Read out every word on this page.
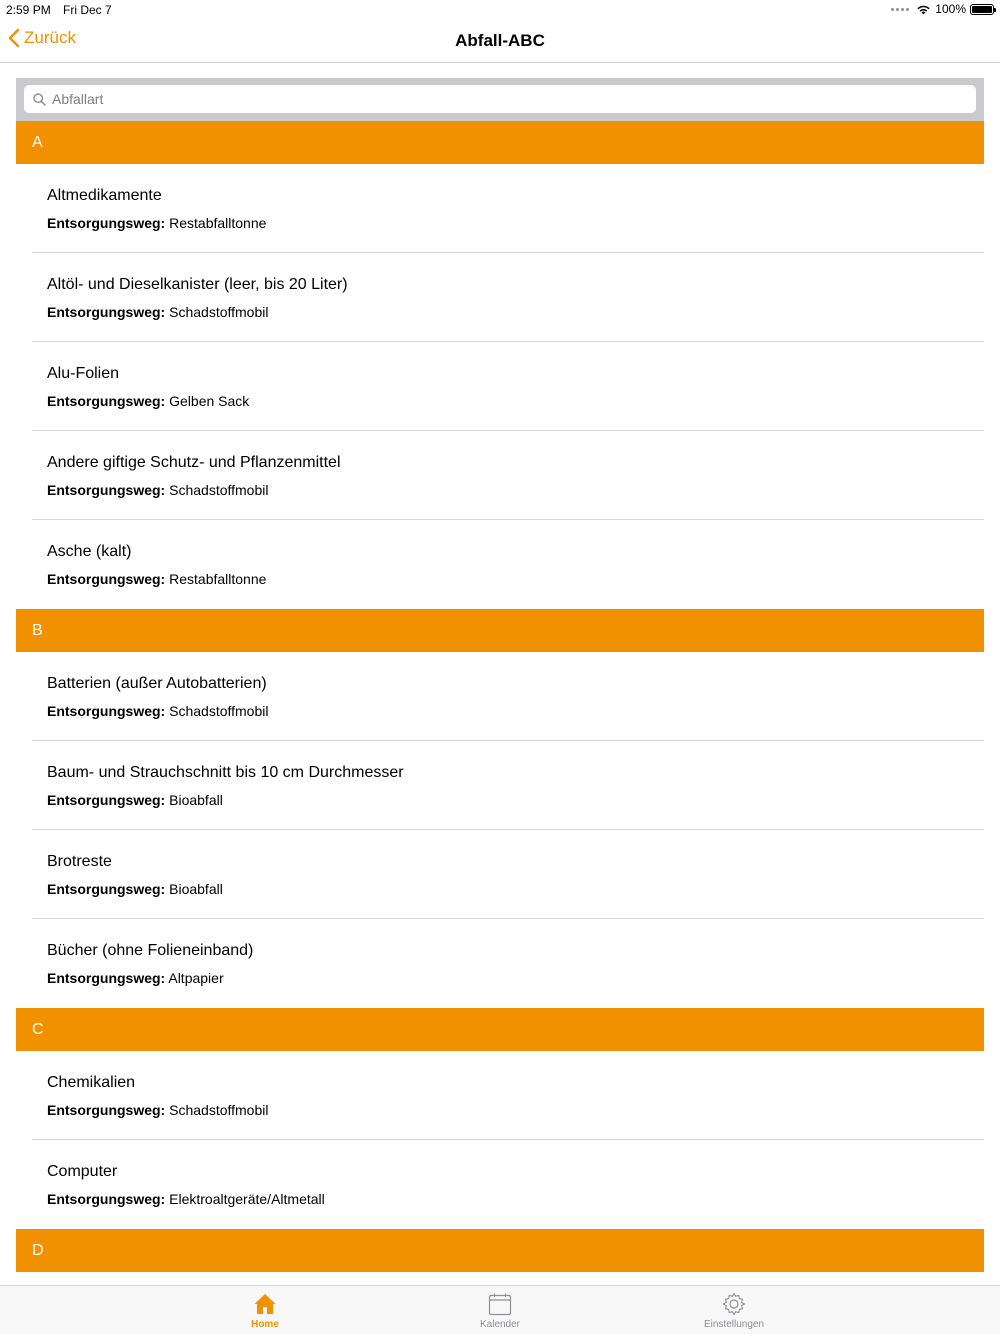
2:59 PM Fri Dec 7	100%
Zurück	Abfall-ABC
Abfallart
A
Altmedikamente
Entsorgungsweg: Restabfalltonne
Altöl- und Dieselkanister (leer, bis 20 Liter)
Entsorgungsweg: Schadstoffmobil
Alu-Folien
Entsorgungsweg: Gelben Sack
Andere giftige Schutz- und Pflanzenmittel
Entsorgungsweg: Schadstoffmobil
Asche (kalt)
Entsorgungsweg: Restabfalltonne
B
Batterien (außer Autobatterien)
Entsorgungsweg: Schadstoffmobil
Baum- und Strauchschnitt bis 10 cm Durchmesser
Entsorgungsweg: Bioabfall
Brotreste
Entsorgungsweg: Bioabfall
Bücher (ohne Folieneinband)
Entsorgungsweg: Altpapier
C
Chemikalien
Entsorgungsweg: Schadstoffmobil
Computer
Entsorgungsweg: Elektroaltgeräte/Altmetall
D
Home	Kalender	Einstellungen
